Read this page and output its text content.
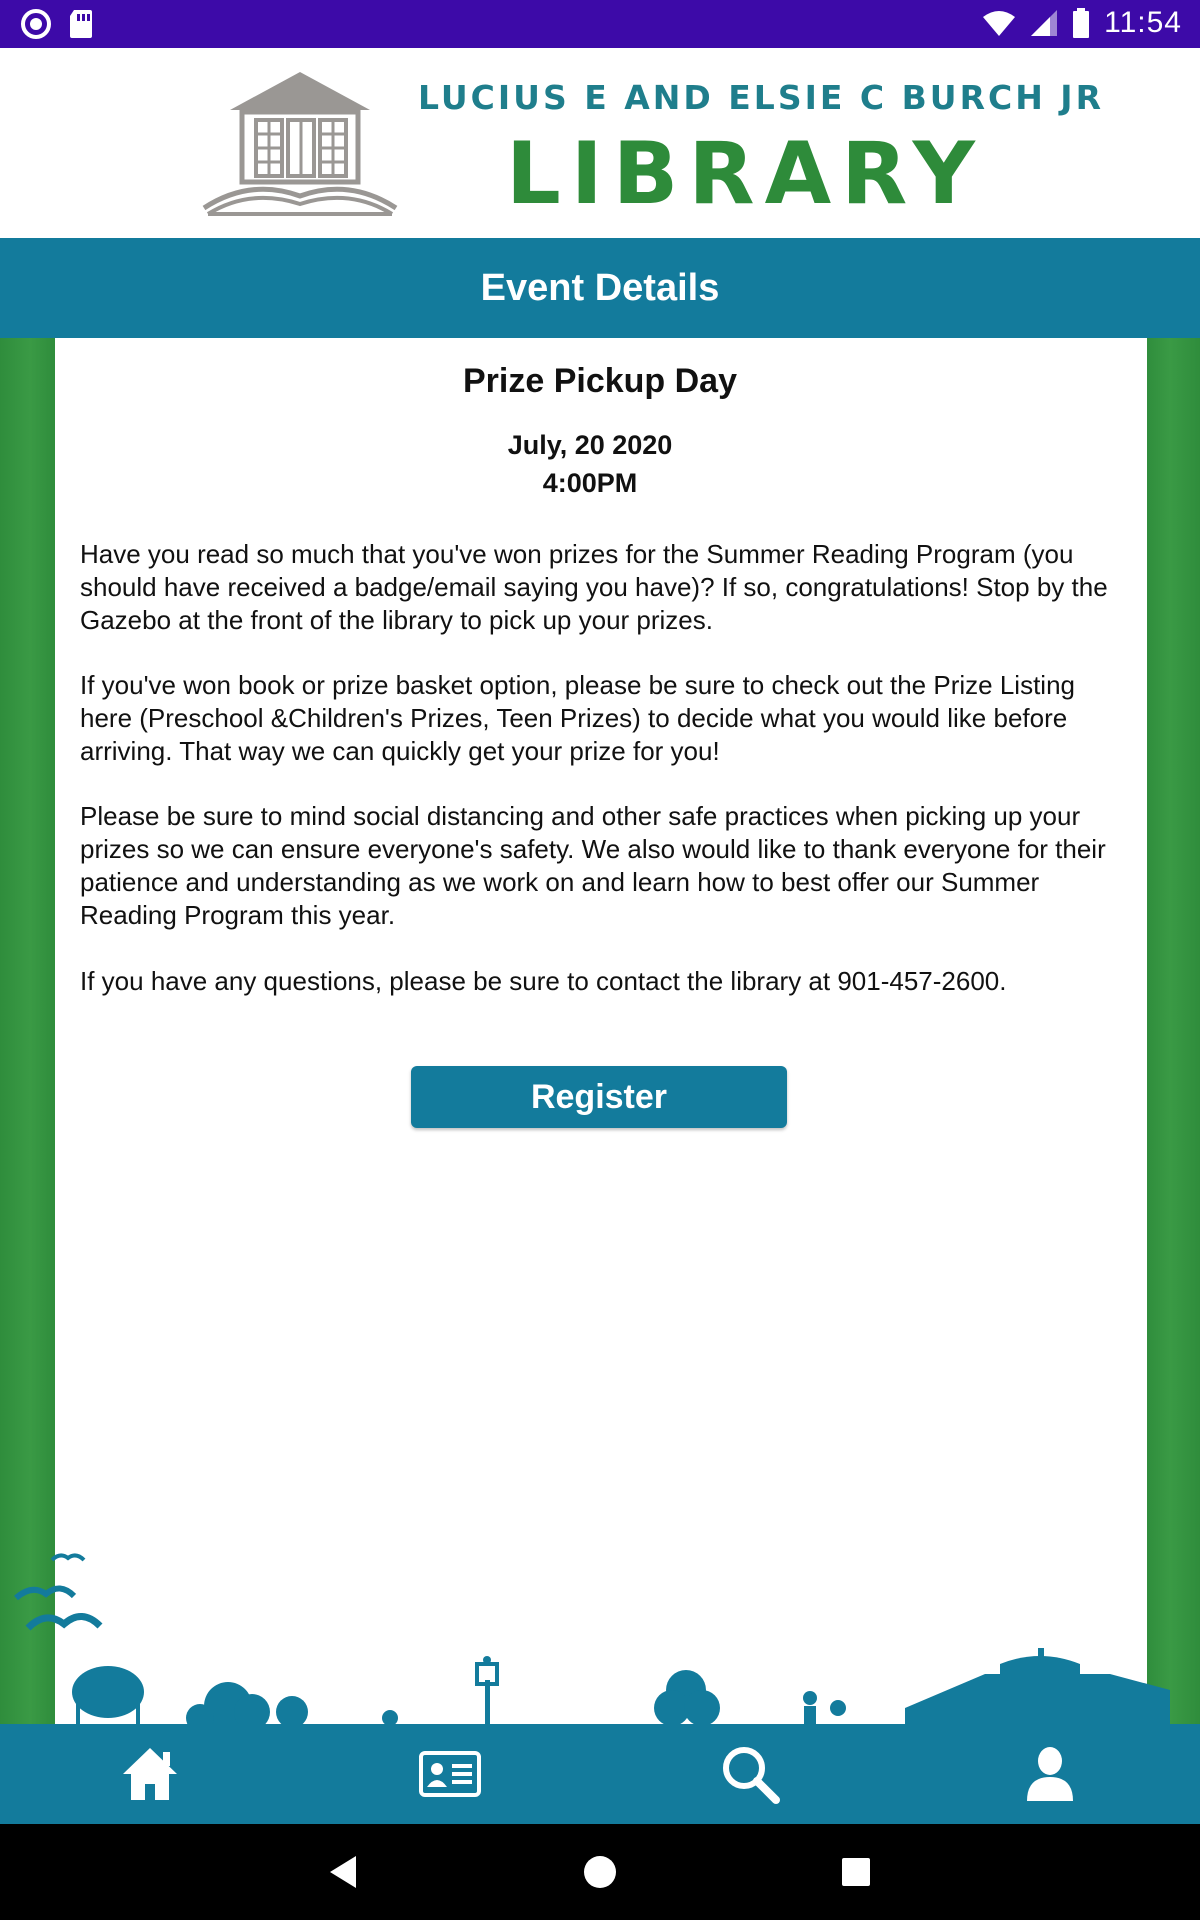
11:54
LUCIUS E AND ELSIE C BURCH JR
LIBRARY
Event Details
Prize Pickup Day
July, 20 2020
4:00PM

Have you read so much that you've won prizes for the Summer Reading Program (you should have received a badge/email saying you have)? If so, congratulations! Stop by the Gazebo at the front of the library to pick up your prizes.

If you've won book or prize basket option, please be sure to check out the Prize Listing here (Preschool &Children's Prizes, Teen Prizes) to decide what you would like before arriving. That way we can quickly get your prize for you!

Please be sure to mind social distancing and other safe practices when picking up your prizes so we can ensure everyone's safety. We also would like to thank everyone for their patience and understanding as we work on and learn how to best offer our Summer Reading Program this year.

If you have any questions, please be sure to contact the library at 901-457-2600.

Register
